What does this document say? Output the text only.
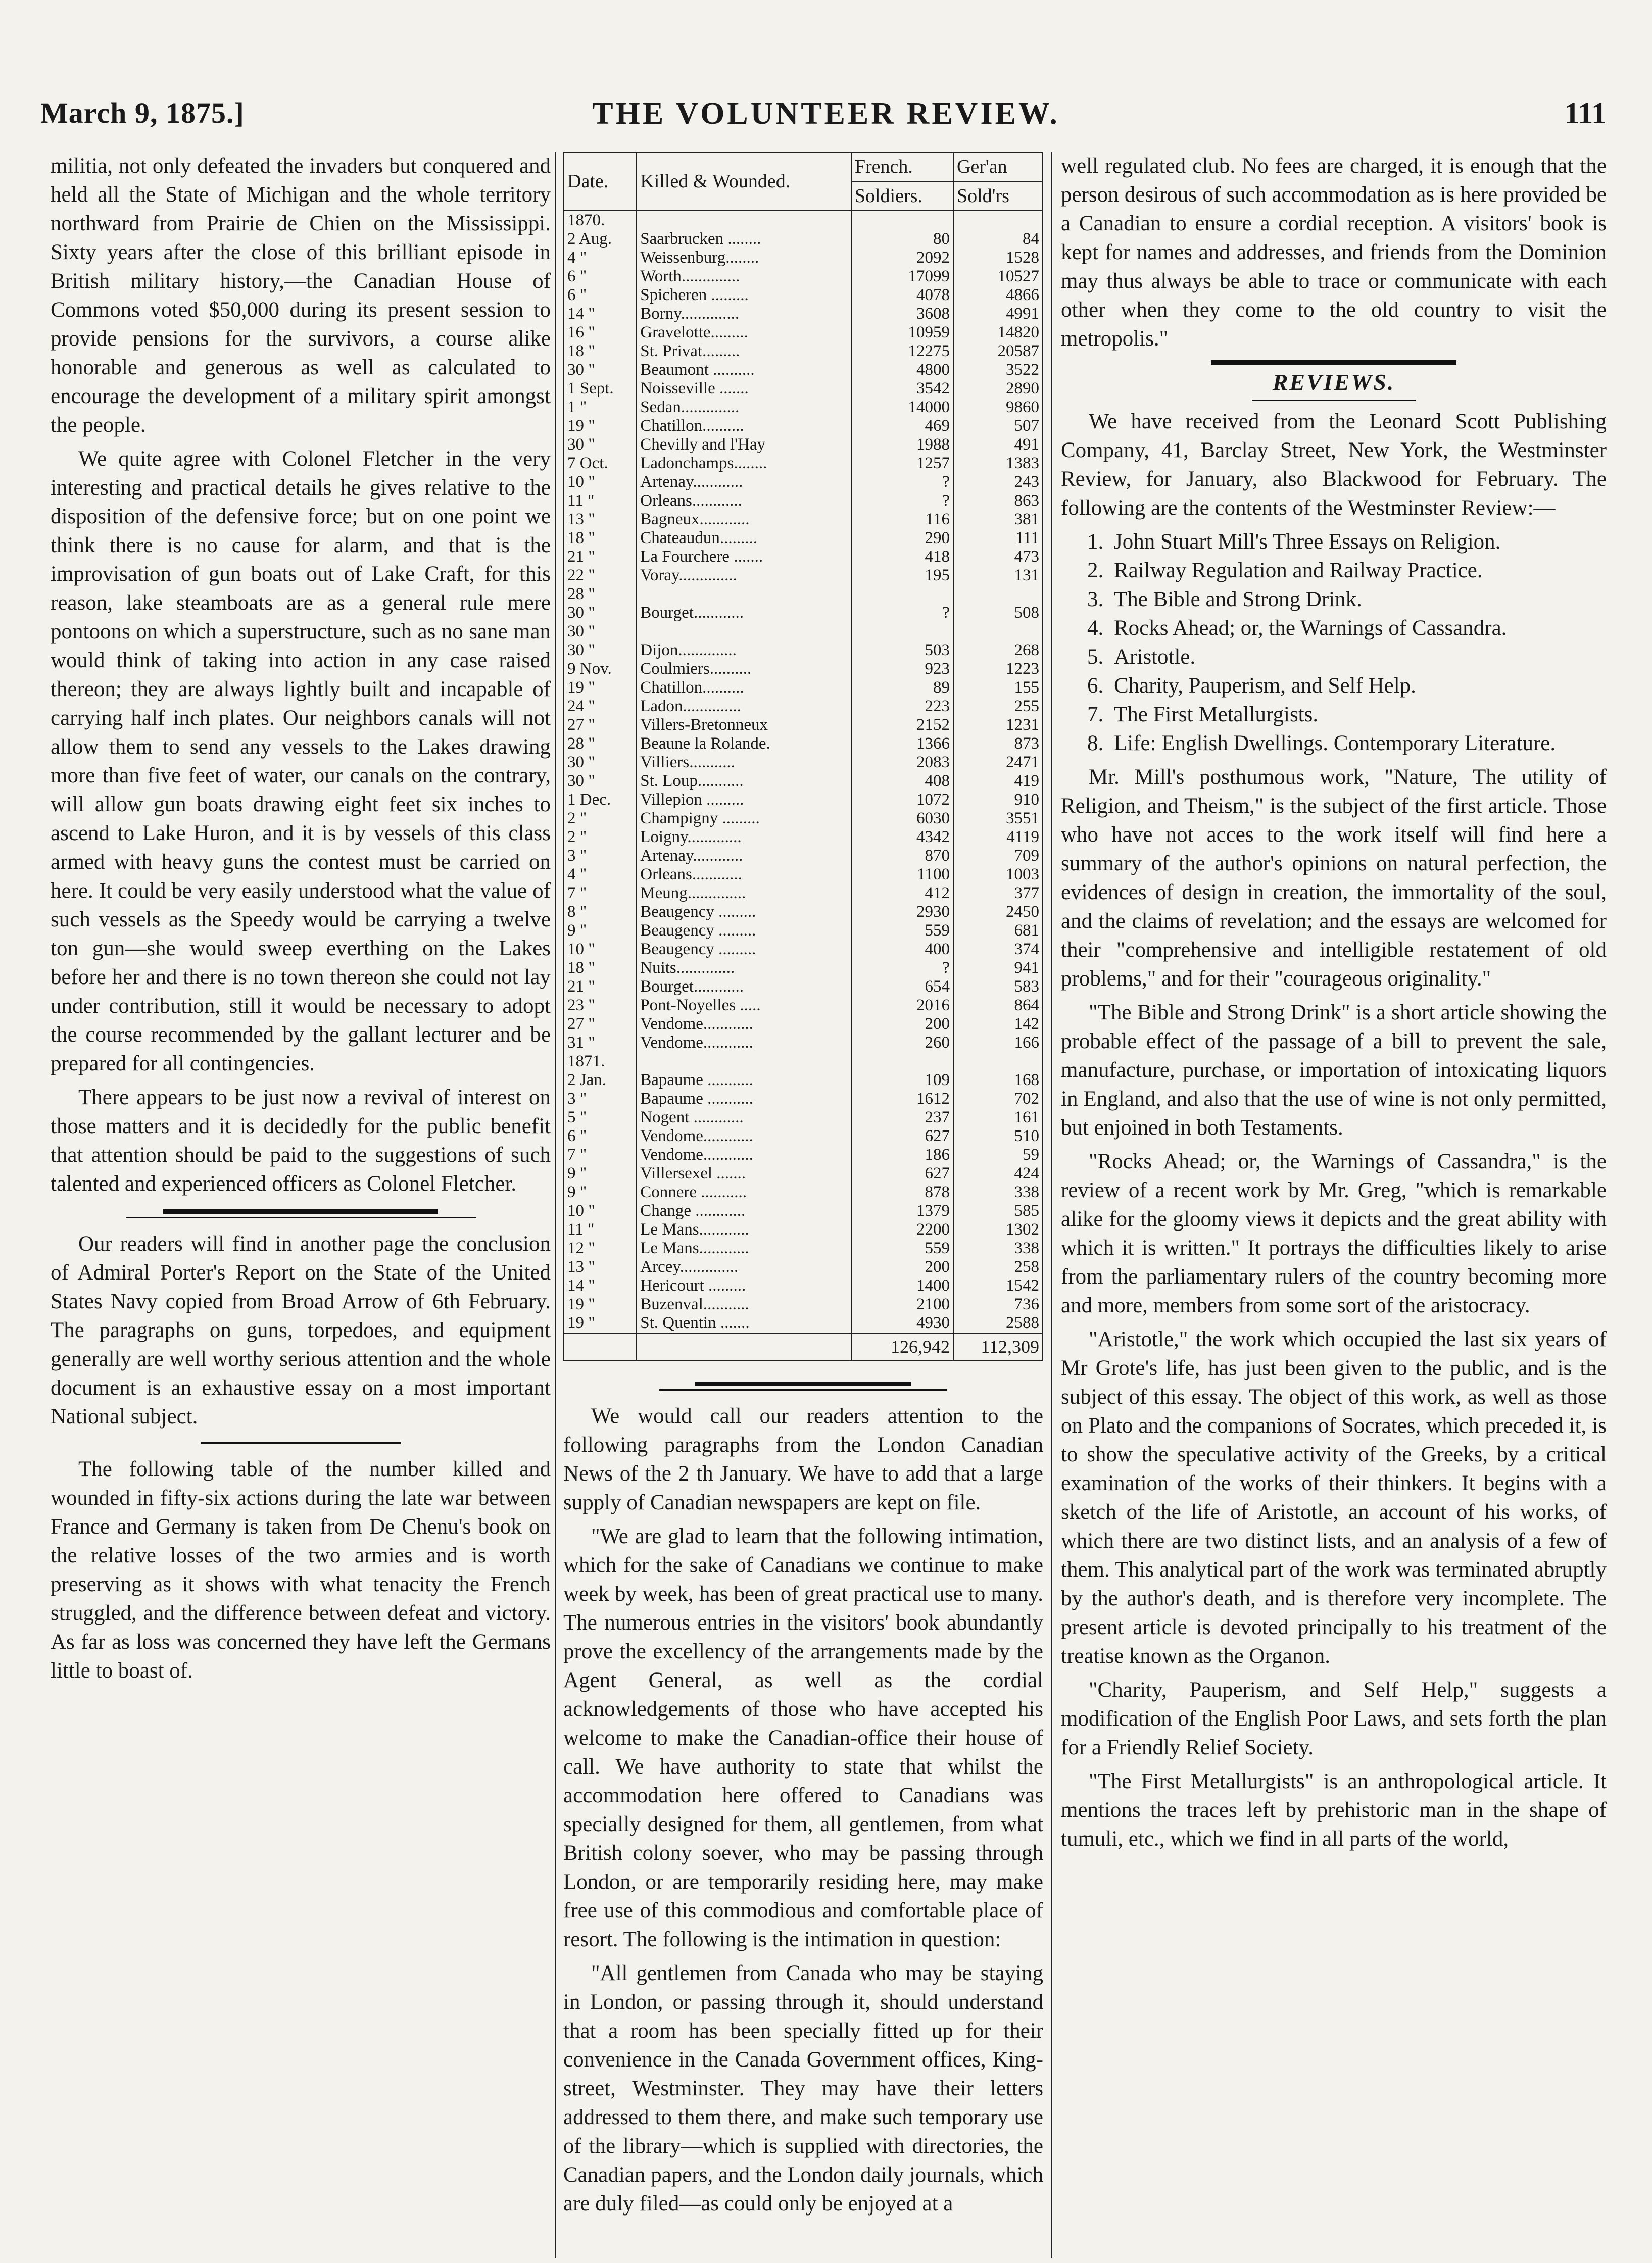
March 9, 1875.]	THE VOLUNTEER REVIEW.	111

militia, not only defeated the invaders but conquered and held all the State of Michigan and the whole territory northward from Prairie de Chien on the Mississippi. Sixty years after the close of this brilliant episode in British military history,—the Canadian House of Commons voted $50,000 during its present session to provide pensions for the survivors, a course alike honorable and generous as well as calculated to encourage the development of a military spirit amongst the people.

We quite agree with Colonel Fletcher in the very interesting and practical details he gives relative to the disposition of the defensive force; but on one point we think there is no cause for alarm, and that is the improvisation of gun boats out of Lake Craft, for this reason, lake steamboats are as a general rule mere pontoons on which a superstructure, such as no sane man would think of taking into action in any case raised thereon; they are always lightly built and incapable of carrying half inch plates. Our neighbors canals will not allow them to send any vessels to the Lakes drawing more than five feet of water, our canals on the contrary, will allow gun boats drawing eight feet six inches to ascend to Lake Huron, and it is by vessels of this class armed with heavy guns the contest must be carried on here. It could be very easily understood what the value of such vessels as the Speedy would be carrying a twelve ton gun—she would sweep everthing on the Lakes before her and there is no town thereon she could not lay under contribution, still it would be necessary to adopt the course recommended by the gallant lecturer and be prepared for all contingencies.

There appears to be just now a revival of interest on those matters and it is decidedly for the public benefit that attention should be paid to the suggestions of such talented and experienced officers as Colonel Fletcher.

Our readers will find in another page the conclusion of Admiral Porter's Report on the State of the United States Navy copied from Broad Arrow of 6th February. The paragraphs on guns, torpedoes, and equipment generally are well worthy serious attention and the whole document is an exhaustive essay on a most important National subject.

The following table of the number killed and wounded in fifty-six actions during the late war between France and Germany is taken from De Chenu's book on the relative losses of the two armies and is worth preserving as it shows with what tenacity the French struggled, and the difference between defeat and victory. As far as loss was concerned they have left the Germans little to boast of.

Date.	Killed & Wounded.	French.	Ger'an
		Soldiers.	Sold'rs
1870.			
2 Aug.	Saarbrucken ........	80	84
4 "	Weissenburg........	2092	1528
6 "	Worth..............	17099	10527
6 "	Spicheren .........	4078	4866
14 "	Borny..............	3608	4991
16 "	Gravelotte.........	10959	14820
18 "	St. Privat.........	12275	20587
30 "	Beaumont ..........	4800	3522
1 Sept.	Noisseville .......	3542	2890
1 "	Sedan..............	14000	9860
19 "	Chatillon..........	469	507
30 "	Chevilly and l'Hay	1988	491
7 Oct.	Ladonchamps........	1257	1383
10 "	Artenay............	?	243
11 "	Orleans............	?	863
13 "	Bagneux............	116	381
18 "	Chateaudun.........	290	111
21 "	La Fourchere .......	418	473
22 "	Voray..............	195	131
28 "			
30 "	Bourget............	?	508
30 "			
30 "	Dijon..............	503	268
9 Nov.	Coulmiers..........	923	1223
19 "	Chatillon..........	89	155
24 "	Ladon..............	223	255
27 "	Villers-Bretonneux	2152	1231
28 "	Beaune la Rolande.	1366	873
30 "	Villiers...........	2083	2471
30 "	St. Loup...........	408	419
1 Dec.	Villepion .........	1072	910
2 "	Champigny .........	6030	3551
2 "	Loigny.............	4342	4119
3 "	Artenay............	870	709
4 "	Orleans............	1100	1003
7 "	Meung..............	412	377
8 "	Beaugency .........	2930	2450
9 "	Beaugency .........	559	681
10 "	Beaugency .........	400	374
18 "	Nuits..............	?	941
21 "	Bourget............	654	583
23 "	Pont-Noyelles .....	2016	864
27 "	Vendome............	200	142
31 "	Vendome............	260	166
1871.			
2 Jan.	Bapaume ...........	109	168
3 "	Bapaume ...........	1612	702
5 "	Nogent ............	237	161
6 "	Vendome............	627	510
7 "	Vendome............	186	59
9 "	Villersexel .......	627	424
9 "	Connere ...........	878	338
10 "	Change ............	1379	585
11 "	Le Mans............	2200	1302
12 "	Le Mans............	559	338
13 "	Arcey..............	200	258
14 "	Hericourt .........	1400	1542
19 "	Buzenval...........	2100	736
19 "	St. Quentin .......	4930	2588
		126,942	112,309

We would call our readers attention to the following paragraphs from the London Canadian News of the 2 th January. We have to add that a large supply of Canadian newspapers are kept on file.

"We are glad to learn that the following intimation, which for the sake of Canadians we continue to make week by week, has been of great practical use to many. The numerous entries in the visitors' book abundantly prove the excellency of the arrangements made by the Agent General, as well as the cordial acknowledgements of those who have accepted his welcome to make the Canadian-office their house of call. We have authority to state that whilst the accommodation here offered to Canadians was specially designed for them, all gentlemen, from what British colony soever, who may be passing through London, or are temporarily residing here, may make free use of this commodious and comfortable place of resort. The following is the intimation in question:

"All gentlemen from Canada who may be staying in London, or passing through it, should understand that a room has been specially fitted up for their convenience in the Canada Government offices, King-street, Westminster. They may have their letters addressed to them there, and make such temporary use of the library—which is supplied with directories, the Canadian papers, and the London daily journals, which are duly filed—as could only be enjoyed at a

well regulated club. No fees are charged, it is enough that the person desirous of such accommodation as is here provided be a Canadian to ensure a cordial reception. A visitors' book is kept for names and addresses, and friends from the Dominion may thus always be able to trace or communicate with each other when they come to the old country to visit the metropolis."

REVIEWS.

We have received from the Leonard Scott Publishing Company, 41, Barclay Street, New York, the Westminster Review, for January, also Blackwood for February. The following are the contents of the Westminster Review:—

1. John Stuart Mill's Three Essays on Religion.
2. Railway Regulation and Railway Practice.
3. The Bible and Strong Drink.
4. Rocks Ahead; or, the Warnings of Cassandra.
5. Aristotle.
6. Charity, Pauperism, and Self Help.
7. The First Metallurgists.
8. Life: English Dwellings. Contemporary Literature.

Mr. Mill's posthumous work, "Nature, The utility of Religion, and Theism," is the subject of the first article. Those who have not acces to the work itself will find here a summary of the author's opinions on natural perfection, the evidences of design in creation, the immortality of the soul, and the claims of revelation; and the essays are welcomed for their "comprehensive and intelligible restatement of old problems," and for their "courageous originality."

"The Bible and Strong Drink" is a short article showing the probable effect of the passage of a bill to prevent the sale, manufacture, purchase, or importation of intoxicating liquors in England, and also that the use of wine is not only permitted, but enjoined in both Testaments.

"Rocks Ahead; or, the Warnings of Cassandra," is the review of a recent work by Mr. Greg, "which is remarkable alike for the gloomy views it depicts and the great ability with which it is written." It portrays the difficulties likely to arise from the parliamentary rulers of the country becoming more and more, members from some sort of the aristocracy.

"Aristotle," the work which occupied the last six years of Mr Grote's life, has just been given to the public, and is the subject of this essay. The object of this work, as well as those on Plato and the companions of Socrates, which preceded it, is to show the speculative activity of the Greeks, by a critical examination of the works of their thinkers. It begins with a sketch of the life of Aristotle, an account of his works, of which there are two distinct lists, and an analysis of a few of them. This analytical part of the work was terminated abruptly by the author's death, and is therefore very incomplete. The present article is devoted principally to his treatment of the treatise known as the Organon.

"Charity, Pauperism, and Self Help," suggests a modification of the English Poor Laws, and sets forth the plan for a Friendly Relief Society.

"The First Metallurgists" is an anthropological article. It mentions the traces left by prehistoric man in the shape of tumuli, etc., which we find in all parts of the world,
